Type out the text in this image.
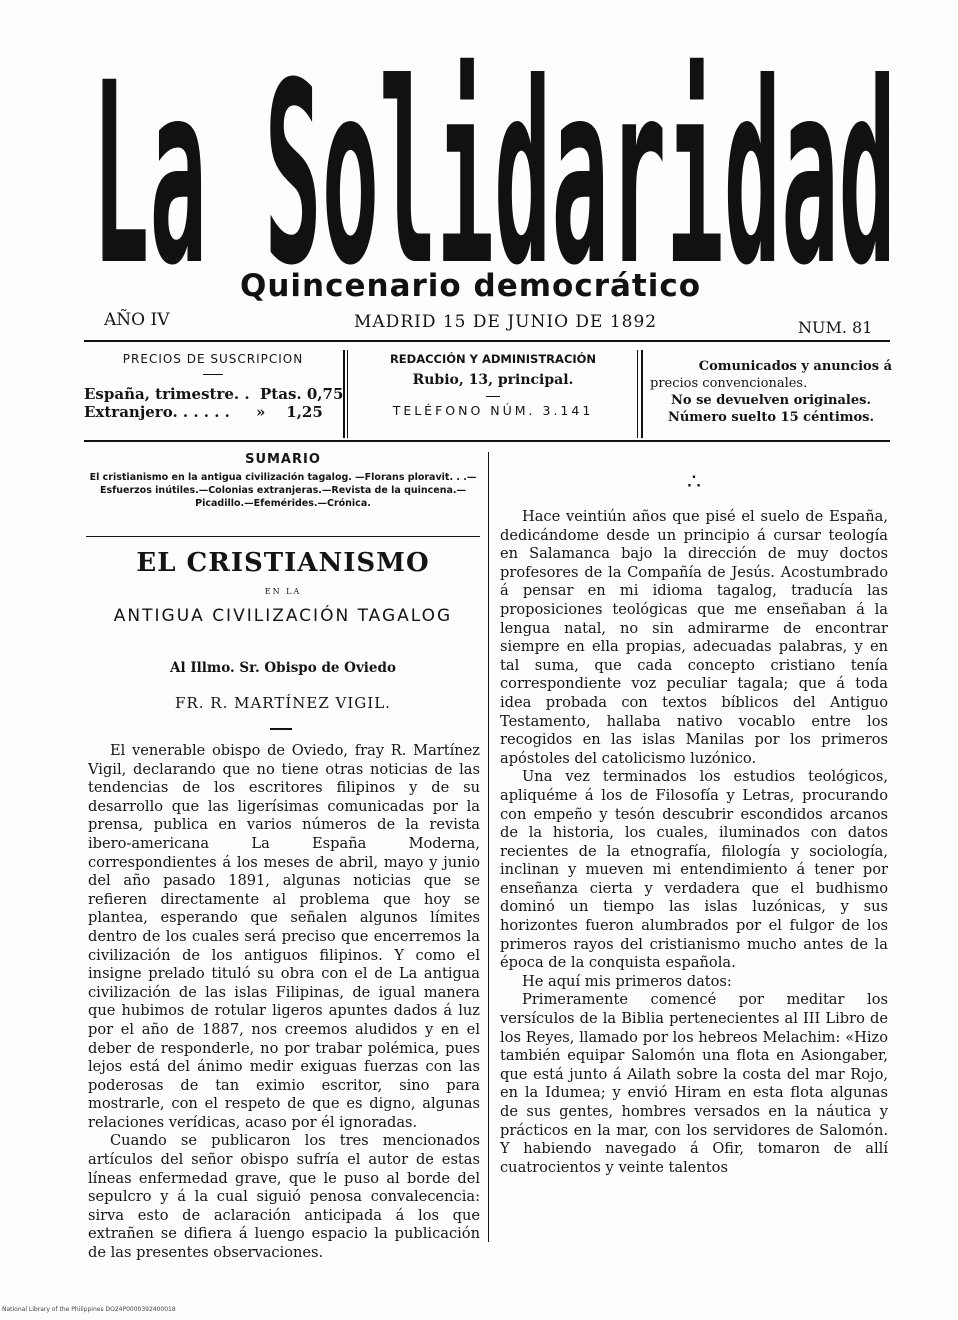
La Solidaridad
Quincenario democrático
AÑO IV	MADRID 15 DE JUNIO DE 1892	NUM. 81
PRECIOS DE SUSCRIPCION
España, trimestre. .  Ptas. 0,75
Extranjero. . . . . .     »    1,25
REDACCIÓN Y ADMINISTRACIÓN
Rubio, 13, principal.
TELÉFONO NÚM. 3.141
Comunicados y anuncios á
precios convencionales.
No se devuelven originales.
Número suelto 15 céntimos.
SUMARIO
El cristianismo en la antigua civilización tagalog. —Florans ploravit. . .—Esfuerzos inútiles.—Colonias extranjeras.—Revista de la quincena.—Picadillo.—Efemérides.—Crónica.
EL CRISTIANISMO
EN LA
ANTIGUA CIVILIZACIÓN TAGALOG
Al Illmo. Sr. Obispo de Oviedo
FR. R. MARTÍNEZ VIGIL.

El venerable obispo de Oviedo, fray R. Martínez Vigil, declarando que no tiene otras noticias de las tendencias de los escritores filipinos y de su desarrollo que las ligerísimas comunicadas por la prensa, publica en varios números de la revista ibero-americana La España Moderna, correspondientes á los meses de abril, mayo y junio del año pasado 1891, algunas noticias que se refieren directamente al problema que hoy se plantea, esperando que señalen algunos límites dentro de los cuales será preciso que encerremos la civilización de los antiguos filipinos. Y como el insigne prelado tituló su obra con el de La antigua civilización de las islas Filipinas, de igual manera que hubimos de rotular ligeros apuntes dados á luz por el año de 1887, nos creemos aludidos y en el deber de responderle, no por trabar polémica, pues lejos está del ánimo medir exiguas fuerzas con las poderosas de tan eximio escritor, sino para mostrarle, con el respeto de que es digno, algunas relaciones verídicas, acaso por él ignoradas.

Cuando se publicaron los tres mencionados artículos del señor obispo sufría el autor de estas líneas enfermedad grave, que le puso al borde del sepulcro y á la cual siguió penosa convalecencia: sirva esto de aclaración anticipada á los que extrañen se difiera á luengo espacio la publicación de las presentes observaciones.

∴

Hace veintiún años que pisé el suelo de España, dedicándome desde un principio á cursar teología en Salamanca bajo la dirección de muy doctos profesores de la Compañía de Jesús. Acostumbrado á pensar en mi idioma tagalog, traducía las proposiciones teológicas que me enseñaban á la lengua natal, no sin admirarme de encontrar siempre en ella propias, adecuadas palabras, y en tal suma, que cada concepto cristiano tenía correspondiente voz peculiar tagala; que á toda idea probada con textos bíblicos del Antiguo Testamento, hallaba nativo vocablo entre los recogidos en las islas Manilas por los primeros apóstoles del catolicismo luzónico.

Una vez terminados los estudios teológicos, apliquéme á los de Filosofía y Letras, procurando con empeño y tesón descubrir escondidos arcanos de la historia, los cuales, iluminados con datos recientes de la etnografía, filología y sociología, inclinan y mueven mi entendimiento á tener por enseñanza cierta y verdadera que el budhismo dominó un tiempo las islas luzónicas, y sus horizontes fueron alumbrados por el fulgor de los primeros rayos del cristianismo mucho antes de la época de la conquista española.

He aquí mis primeros datos:

Primeramente comencé por meditar los versículos de la Biblia pertenecientes al III Libro de los Reyes, llamado por los hebreos Melachim: «Hizo también equipar Salomón una flota en Asiongaber, que está junto á Ailath sobre la costa del mar Rojo, en la Idumea; y envió Hiram en esta flota algunas de sus gentes, hombres versados en la náutica y prácticos en la mar, con los servidores de Salomón. Y habiendo navegado á Ofir, tomaron de allí cuatrocientos y veinte talentos

National Library of the Philippines DO24P0000392400018
